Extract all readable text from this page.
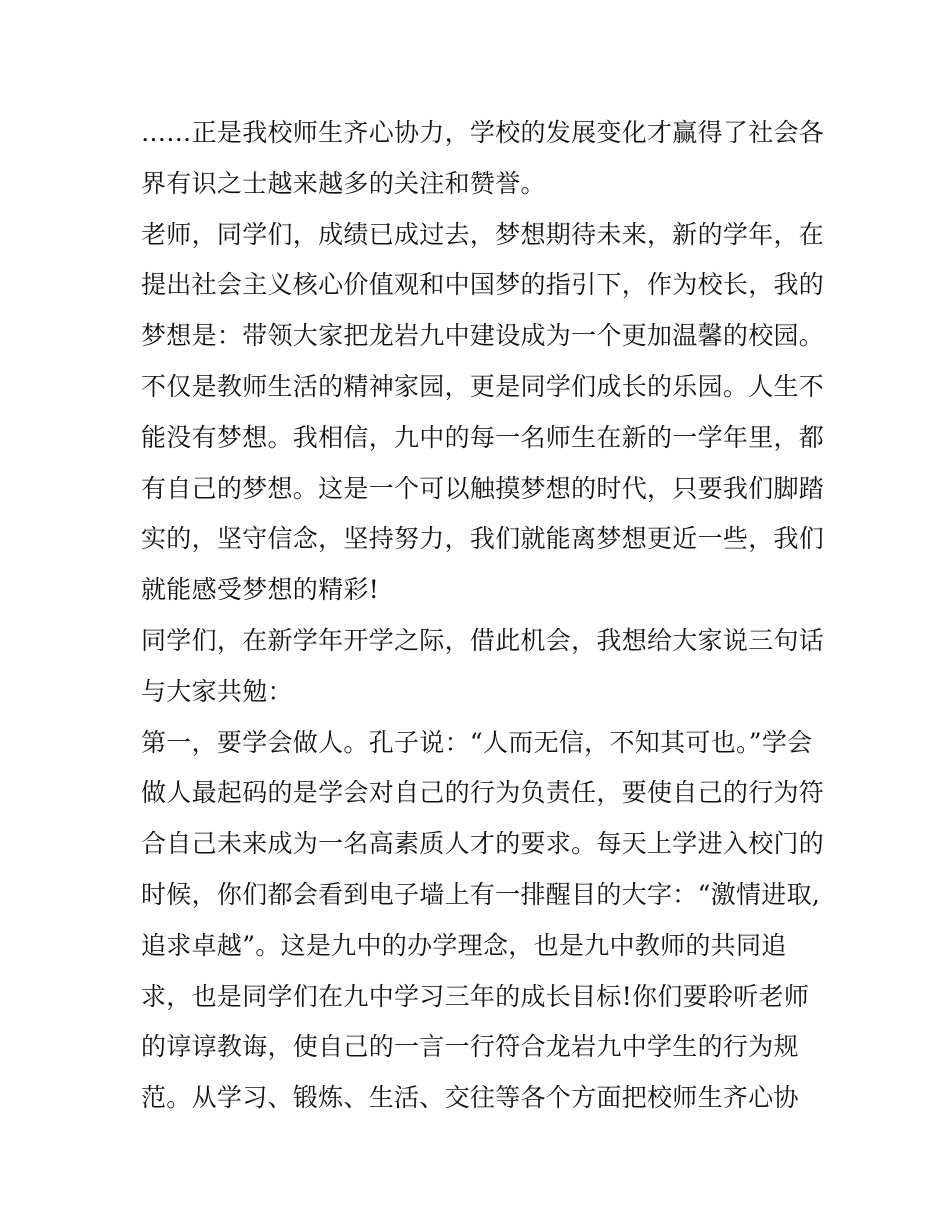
……正是我校师生齐心协力，学校的发展变化才赢得了社会各
界有识之士越来越多的关注和赞誉。
老师，同学们，成绩已成过去，梦想期待未来，新的学年，在
提出社会主义核心价值观和中国梦的指引下，作为校长，我的
梦想是：带领大家把龙岩九中建设成为一个更加温馨的校园。
不仅是教师生活的精神家园，更是同学们成长的乐园。人生不
能没有梦想。我相信，九中的每一名师生在新的一学年里，都
有自己的梦想。这是一个可以触摸梦想的时代，只要我们脚踏
实的，坚守信念，坚持努力，我们就能离梦想更近一些，我们
就能感受梦想的精彩!
同学们，在新学年开学之际，借此机会，我想给大家说三句话
与大家共勉：
第一，要学会做人。孔子说：“人而无信，不知其可也。”学会
做人最起码的是学会对自己的行为负责任，要使自己的行为符
合自己未来成为一名高素质人才的要求。每天上学进入校门的
时候，你们都会看到电子墙上有一排醒目的大字：“激情进取,
追求卓越”。这是九中的办学理念，也是九中教师的共同追
求，也是同学们在九中学习三年的成长目标!你们要聆听老师
的谆谆教诲，使自己的一言一行符合龙岩九中学生的行为规
范。从学习、锻炼、生活、交往等各个方面把校师生齐心协
